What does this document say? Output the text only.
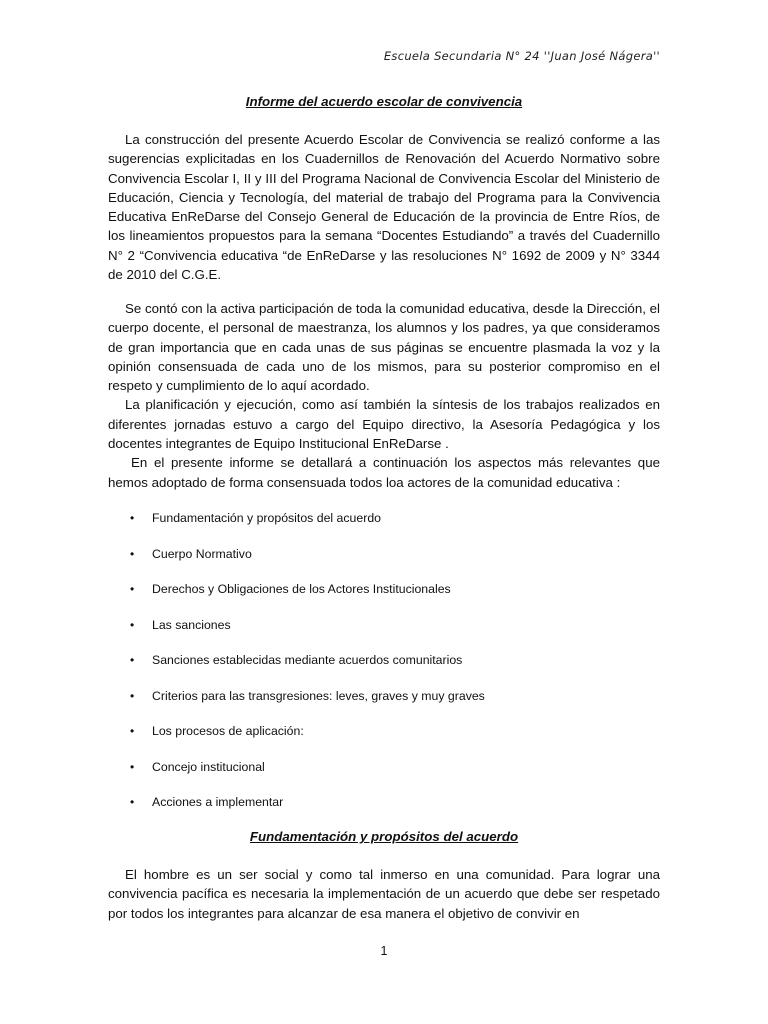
Escuela Secundaria N° 24 ''Juan José Nágera''
Informe del acuerdo escolar de convivencia

La construcción del presente Acuerdo Escolar de Convivencia se realizó conforme a las sugerencias explicitadas en los Cuadernillos de Renovación del Acuerdo Normativo sobre Convivencia Escolar I, II y III del Programa Nacional de Convivencia Escolar del Ministerio de Educación, Ciencia y Tecnología, del material de trabajo del Programa para la Convivencia Educativa EnReDarse del Consejo General de Educación de la provincia de Entre Ríos, de los lineamientos propuestos para la semana “Docentes Estudiando” a través del Cuadernillo N° 2 “Convivencia educativa “de EnReDarse y las resoluciones N° 1692 de 2009 y N° 3344 de 2010 del C.G.E.

Se contó con la activa participación de toda la comunidad educativa, desde la Dirección, el cuerpo docente, el personal de maestranza, los alumnos y los padres, ya que consideramos de gran importancia que en cada unas de sus páginas se encuentre plasmada la voz y la opinión consensuada de cada uno de los mismos, para su posterior compromiso en el respeto y cumplimiento de lo aquí acordado.

La planificación y ejecución, como así también la síntesis de los trabajos realizados en diferentes jornadas estuvo a cargo del Equipo directivo, la Asesoría Pedagógica y los docentes integrantes de Equipo Institucional EnReDarse .

En el presente informe se detallará a continuación los aspectos más relevantes que hemos adoptado de forma consensuada todos loa actores de la comunidad educativa :

• Fundamentación y propósitos del acuerdo
• Cuerpo Normativo
• Derechos y Obligaciones de los Actores Institucionales
• Las sanciones
• Sanciones establecidas mediante acuerdos comunitarios
• Criterios para las transgresiones: leves, graves y muy graves
• Los procesos de aplicación:
• Concejo institucional
• Acciones a implementar
Fundamentación y propósitos del acuerdo

El hombre es un ser social y como tal inmerso en una comunidad. Para lograr una convivencia pacífica es necesaria la implementación de un acuerdo que debe ser respetado por todos los integrantes para alcanzar de esa manera el objetivo de convivir en

1
